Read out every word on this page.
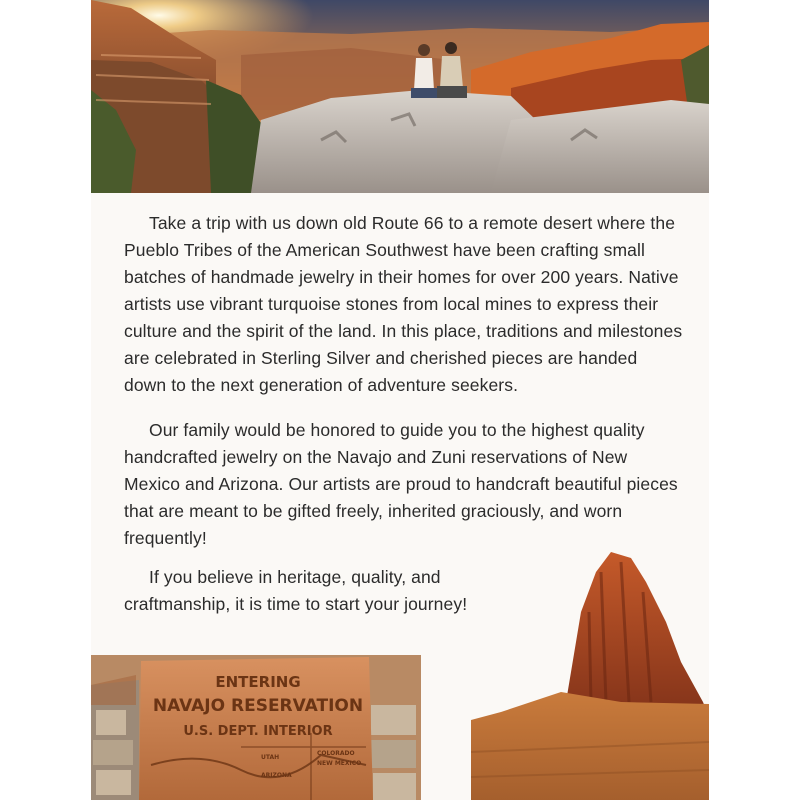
Take a trip with us down old Route 66 to a remote desert where the Pueblo Tribes of the American Southwest have been crafting small batches of handmade jewelry in their homes for over 200 years. Native artists use vibrant turquoise stones from local mines to express their culture and the spirit of the land. In this place, traditions and milestones are celebrated in Sterling Silver and cherished pieces are handed down to the next generation of adventure seekers.

Our family would be honored to guide you to the highest quality handcrafted jewelry on the Navajo and Zuni reservations of New Mexico and Arizona. Our artists are proud to handcraft beautiful pieces that are meant to be gifted freely, inherited graciously, and worn frequently!

If you believe in heritage, quality, and craftmanship, it is time to start your journey!

ENTERING
NAVAJO RESERVATION
U.S. DEPT. INTERIOR
UTAH
COLORADO
ARIZONA
NEW MEXICO
